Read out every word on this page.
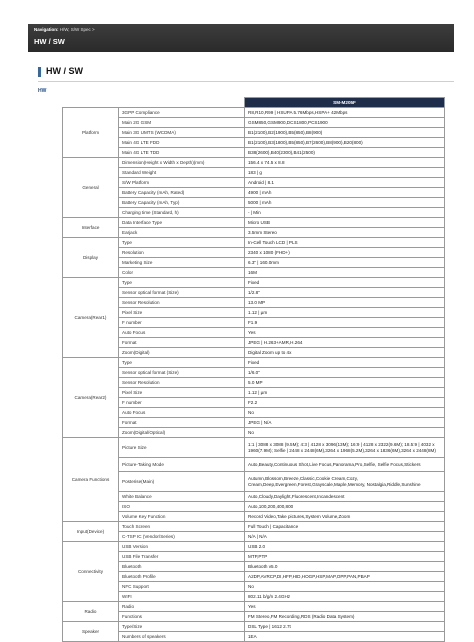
Navigation: H/W, S/W Spec >
HW / SW
HW / SW
HW
		SM-M205F
Platform	3GPP Compliance	R8,R10,R99 | HSUPA 5.76Mbps,HSPA+ 42Mbps
	Main 2G GSM	GSM850,GSM900,DCS1800,PCS1900
	Main 3G UMTS (WCDMA)	B1(2100),B2(1900),B5(850),B8(900)
	Main 4G LTE FDD	B1(2100),B3(1800),B5(850),B7(2600),B8(900),B20(800)
	Main 4G LTE TDD	B38(2600),B40(2300),B41(2500)
General	Dimension(Height x Width x Depth)(mm)	156.4 x 74.5 x 8.8
	Standard Weight	183 | g
	S/W Platform	Android | 8.1
	Battery Capacity (mAh, Rated)	4900 | mAh
	Battery Capacity (mAh, Typ)	5000 | mAh
	Charging time (Standard, h)	- | Min
Interface	Data Interface Type	Micro USB
	Earjack	3.5mm Stereo
Display	Type	In-Cell Touch LCD | PLS
	Resolution	2340 x 1080 (FHD+)
	Marketing Size	6.3" | 160.0mm
	Color	16M
Camera(Rear1)	Type	Fixed
	Sensor optical format (Size)	1/2.8"
	Sensor Resolution	13.0 MP
	Pixel Size	1.12 | µm
	F number	F1.9
	Auto Focus	Yes
	Format	JPEG | H.263+AMR,H.264
	Zoom(Digital)	Digital Zoom up to 4x
Camera(Rear2)	Type	Fixed
	Sensor optical format (Size)	1/6.0"
	Sensor Resolution	5.0 MP
	Pixel Size	1.12 | µm
	F number	F2.2
	Auto Focus	No
	Format	JPEG | N/A
	Zoom(Digital/Optical)	No
Camera Functions	Picture Size	1:1 | 3088 x 3088 (9.5M); 4:3 | 4128 x 3096(13M); 16:9 | 4128 x 2322(9.6M); 18.5:9 | 4032 x 1960(7.9M); Selfie | 2448 x 2448(6M),3264 x 1968(5.2M),3264 x 1836(6M),3264 x 2448(8M)
	Picture-Taking Mode	Auto,Beauty,Continuous Shot,Live Focus,Panorama,Pro,Selfie, Selfie Focus,Stickers
	Posterise(Main)	Autumn,Blossom,Breeze,Classic,Cookie Cream,Cozy, Cream,Deep,Evergreen,Forest,Grayscale,Maple,Memory, Nostalgia,Riddle,Sunshine
	White Balance	Auto,Cloudy,Daylight,Fluorescent,Incandescent
	ISO	Auto,100,200,400,800
	Volume Key Function	Record Video,Take pictures,System Volume,Zoom
Input(Device)	Touch Screen	Full Touch | Capacitance
	C-TSP IC (Vendor/Series)	N/A | N/A
Connectivity	USB Version	USB 2.0
	USB File Transfer	MTP,PTP
	Bluetooth	Bluetooth v5.0
	Bluetooth Profile	A2DP,AVRCP,DI,HFP,HID,HOGP,HSP,MAP,OPP,PAN,PBAP
	NFC Support	No
	WIFI	802.11 b/g/n 2.4GHz
Radio	Radio	Yes
	Functions	FM Stereo,FM Recording,RDS (Radio Data System)
Speaker	Type/Size	DSL Type | 1612 2.7t
	Numbers of speakers	1EA
